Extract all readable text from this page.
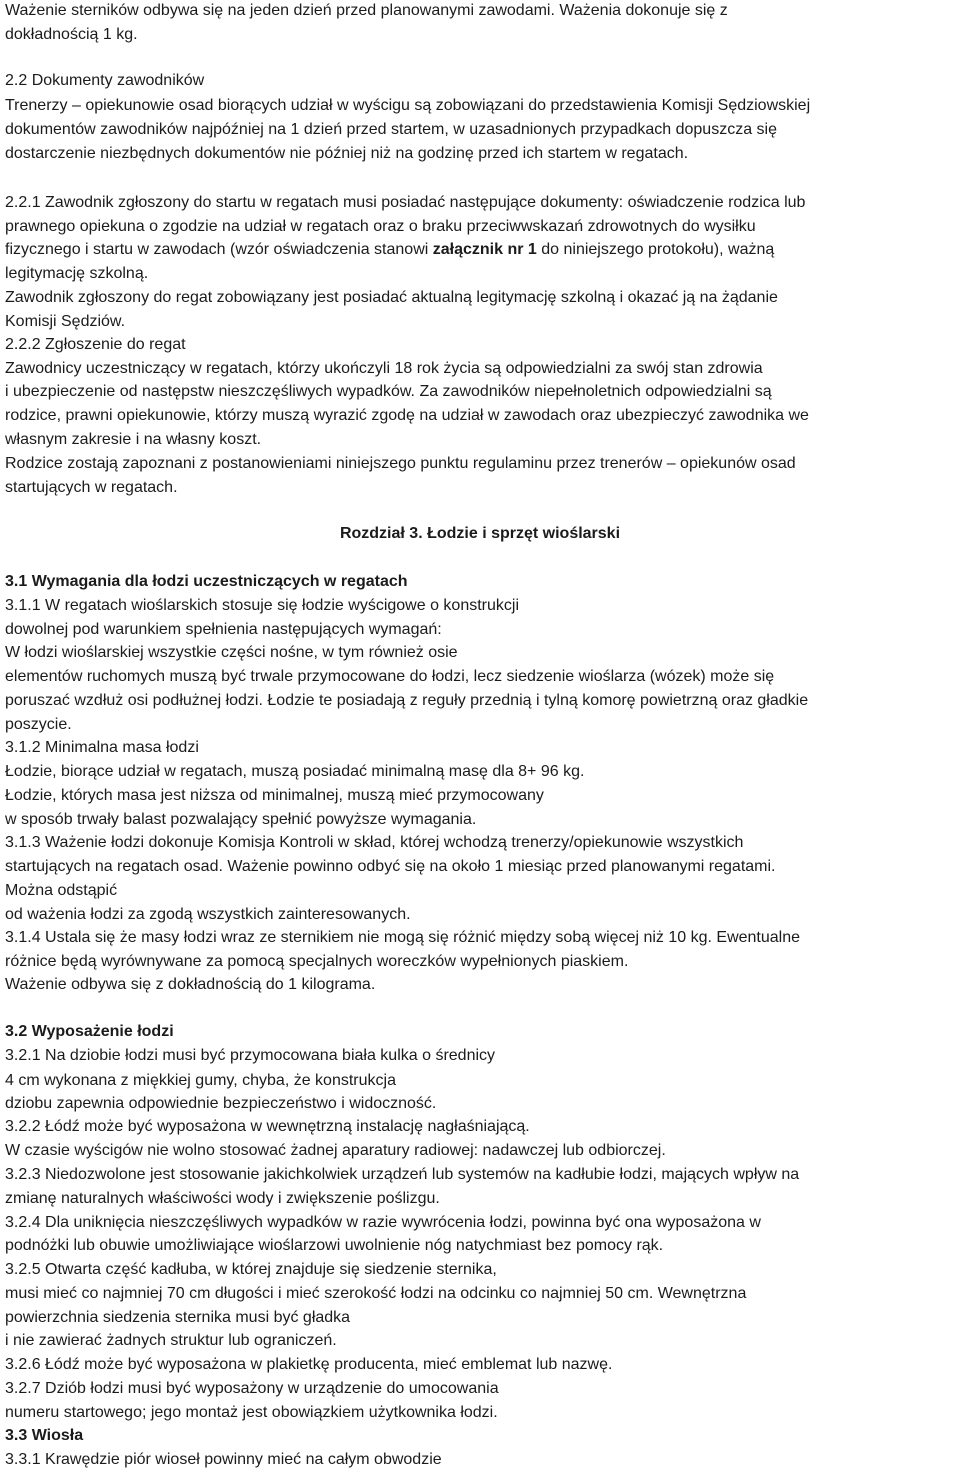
Ważenie sterników odbywa się na jeden dzień przed planowanymi zawodami. Ważenia dokonuje się z
dokładnością 1 kg.
2.2 Dokumenty zawodników
Trenerzy – opiekunowie osad biorących udział w wyścigu są zobowiązani do przedstawienia Komisji Sędziowskiej
dokumentów zawodników najpóźniej na 1 dzień przed startem, w uzasadnionych przypadkach dopuszcza się
dostarczenie niezbędnych dokumentów nie później niż na godzinę przed ich startem w regatach.
2.2.1 Zawodnik zgłoszony do startu w regatach musi posiadać następujące dokumenty: oświadczenie rodzica lub
prawnego opiekuna o zgodzie na udział w regatach oraz o braku przeciwwskazań zdrowotnych do wysiłku
fizycznego i startu w zawodach (wzór oświadczenia stanowi załącznik nr 1 do niniejszego protokołu), ważną
legitymację szkolną.
Zawodnik zgłoszony do regat zobowiązany jest posiadać aktualną legitymację szkolną i okazać ją na żądanie
Komisji Sędziów.
2.2.2 Zgłoszenie do regat
Zawodnicy uczestniczący w regatach, którzy ukończyli 18 rok życia są odpowiedzialni za swój stan zdrowia
i ubezpieczenie od następstw nieszczęśliwych wypadków. Za zawodników niepełnoletnich odpowiedzialni są
rodzice, prawni opiekunowie, którzy muszą wyrazić zgodę na udział w zawodach oraz ubezpieczyć zawodnika we
własnym zakresie i na własny koszt.
Rodzice zostają zapoznani z postanowieniami niniejszego punktu regulaminu przez trenerów – opiekunów osad
startujących w regatach.
Rozdział 3. Łodzie i sprzęt wioślarski
3.1 Wymagania dla łodzi uczestniczących w regatach
3.1.1 W regatach wioślarskich stosuje się łodzie wyścigowe o konstrukcji
dowolnej pod warunkiem spełnienia następujących wymagań:
W łodzi wioślarskiej wszystkie części nośne, w tym również osie
elementów ruchomych muszą być trwale przymocowane do łodzi, lecz siedzenie wioślarza (wózek) może się
poruszać wzdłuż osi podłużnej łodzi. Łodzie te posiadają z reguły przednią i tylną komorę powietrzną oraz gładkie
poszycie.
3.1.2 Minimalna masa łodzi
Łodzie, biorące udział w regatach, muszą posiadać minimalną masę dla 8+ 96 kg.
Łodzie, których masa jest niższa od minimalnej, muszą mieć przymocowany
w sposób trwały balast pozwalający spełnić powyższe wymagania.
3.1.3 Ważenie łodzi dokonuje Komisja Kontroli w skład, której wchodzą trenerzy/opiekunowie wszystkich
startujących na regatach osad. Ważenie powinno odbyć się na około 1 miesiąc przed planowanymi regatami.
Można odstąpić
od ważenia łodzi za zgodą wszystkich zainteresowanych.
3.1.4 Ustala się że masy łodzi wraz ze sternikiem nie mogą się różnić między sobą więcej niż 10 kg. Ewentualne
różnice będą wyrównywane za pomocą specjalnych woreczków wypełnionych piaskiem.
Ważenie odbywa się z dokładnością do 1 kilograma.
3.2 Wyposażenie łodzi
3.2.1 Na dziobie łodzi musi być przymocowana biała kulka o średnicy
4 cm wykonana z miękkiej gumy, chyba, że konstrukcja
dziobu zapewnia odpowiednie bezpieczeństwo i widoczność.
3.2.2 Łódź może być wyposażona w wewnętrzną instalację nagłaśniającą.
W czasie wyścigów nie wolno stosować żadnej aparatury radiowej: nadawczej lub odbiorczej.
3.2.3 Niedozwolone jest stosowanie jakichkolwiek urządzeń lub systemów na kadłubie łodzi, mających wpływ na
zmianę naturalnych właściwości wody i zwiększenie poślizgu.
3.2.4 Dla uniknięcia nieszczęśliwych wypadków w razie wywrócenia łodzi, powinna być ona wyposażona w
podnóżki lub obuwie umożliwiające wioślarzowi uwolnienie nóg natychmiast bez pomocy rąk.
3.2.5 Otwarta część kadłuba, w której znajduje się siedzenie sternika,
musi mieć co najmniej 70 cm długości i mieć szerokość łodzi na odcinku co najmniej 50 cm. Wewnętrzna
powierzchnia siedzenia sternika musi być gładka
i nie zawierać żadnych struktur lub ograniczeń.
3.2.6 Łódź może być wyposażona w plakietkę producenta, mieć emblemat lub nazwę.
3.2.7 Dziób łodzi musi być wyposażony w urządzenie do umocowania
numeru startowego; jego montaż jest obowiązkiem użytkownika łodzi.
3.3 Wiosła
3.3.1 Krawędzie piór wioseł powinny mieć na całym obwodzie
